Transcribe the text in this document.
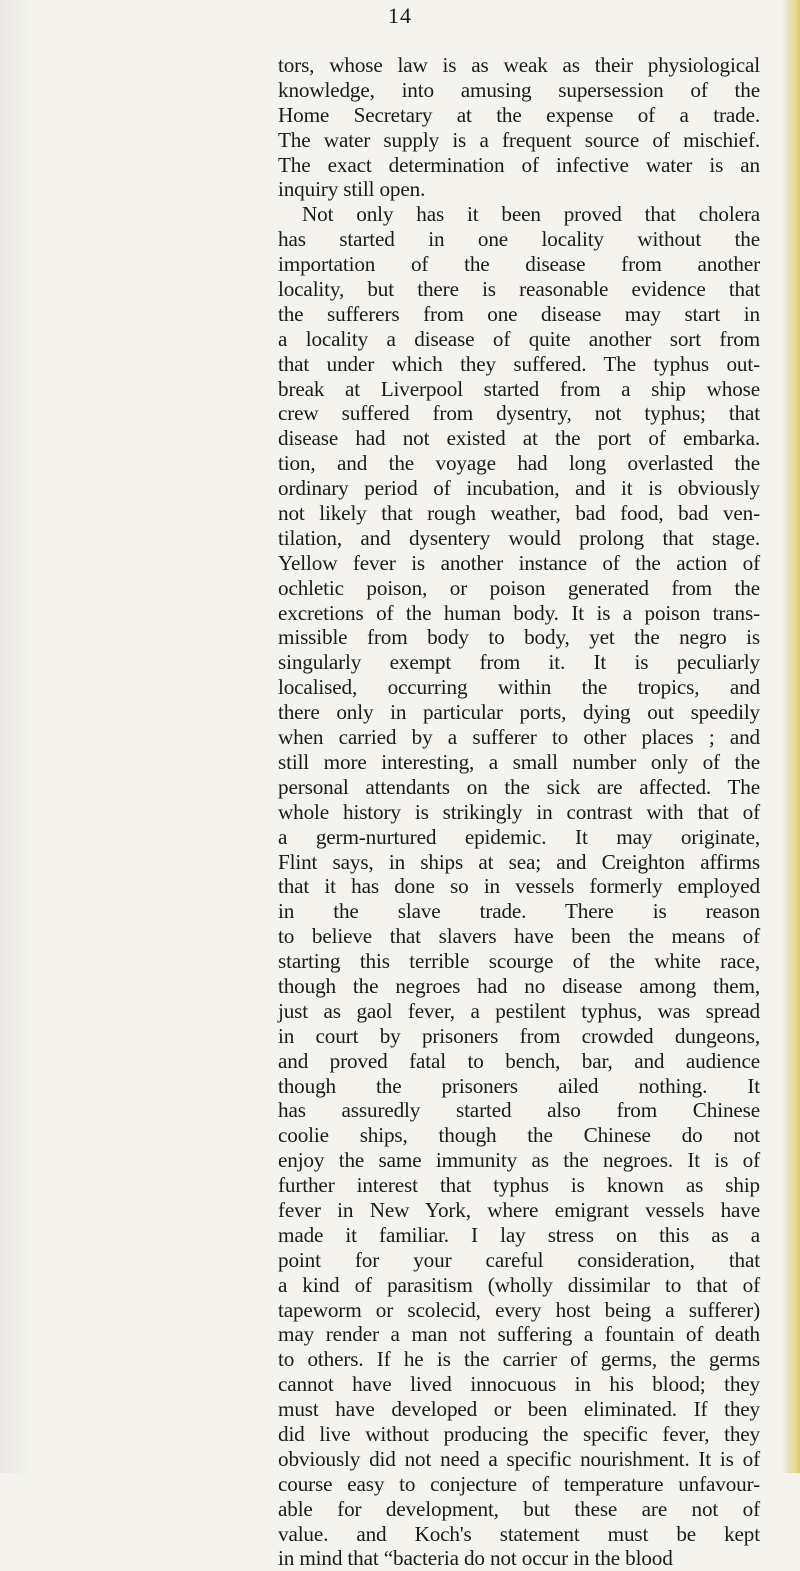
14
tors, whose law is as weak as their physiological
knowledge, into amusing supersession of the
Home Secretary at the expense of a trade.
The water supply is a frequent source of mischief.
The exact determination of infective water is an
inquiry still open.
Not only has it been proved that cholera
has started in one locality without the
importation of the disease from another
locality, but there is reasonable evidence that
the sufferers from one disease may start in
a locality a disease of quite another sort from
that under which they suffered. The typhus out-
break at Liverpool started from a ship whose
crew suffered from dysentry, not typhus; that
disease had not existed at the port of embarka.
tion, and the voyage had long overlasted the
ordinary period of incubation, and it is obviously
not likely that rough weather, bad food, bad ven-
tilation, and dysentery would prolong that stage.
Yellow fever is another instance of the action of
ochletic poison, or poison generated from the
excretions of the human body. It is a poison trans-
missible from body to body, yet the negro is
singularly exempt from it. It is peculiarly
localised, occurring within the tropics, and
there only in particular ports, dying out speedily
when carried by a sufferer to other places ; and
still more interesting, a small number only of the
personal attendants on the sick are affected. The
whole history is strikingly in contrast with that of
a germ-nurtured epidemic. It may originate,
Flint says, in ships at sea; and Creighton affirms
that it has done so in vessels formerly employed
in the slave trade. There is reason
to believe that slavers have been the means of
starting this terrible scourge of the white race,
though the negroes had no disease among them,
just as gaol fever, a pestilent typhus, was spread
in court by prisoners from crowded dungeons,
and proved fatal to bench, bar, and audience
though the prisoners ailed nothing. It
has assuredly started also from Chinese
coolie ships, though the Chinese do not
enjoy the same immunity as the negroes. It is of
further interest that typhus is known as ship
fever in New York, where emigrant vessels have
made it familiar. I lay stress on this as a
point for your careful consideration, that
a kind of parasitism (wholly dissimilar to that of
tapeworm or scolecid, every host being a sufferer)
may render a man not suffering a fountain of death
to others. If he is the carrier of germs, the germs
cannot have lived innocuous in his blood; they
must have developed or been eliminated. If they
did live without producing the specific fever, they
obviously did not need a specific nourishment. It is of
course easy to conjecture of temperature unfavour-
able for development, but these are not of
value. and Koch's statement must be kept
in mind that “bacteria do not occur in the blood
